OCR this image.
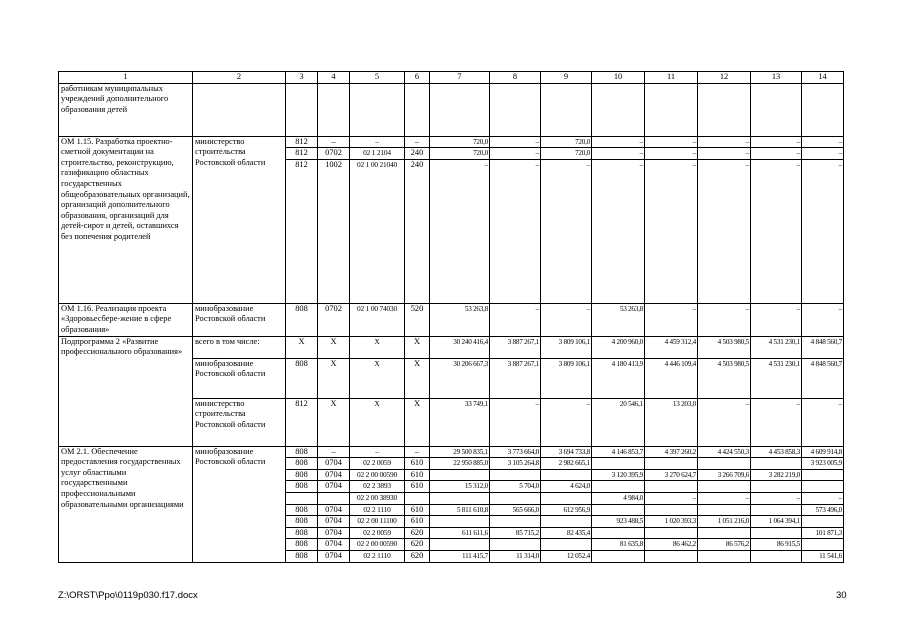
1	2	3	4	5	6	7	8	9	10	11	12	13	14
работникам муниципальных учреждений дополнительного образования детей													
ОМ 1.15. Разработка проектно-сметной документации на строительство, реконструкцию, газификацию областных государственных общеобразовательных организаций, организаций дополнительного образования, организаций для детей-сирот и детей, оставшихся без попечения родителей	министерство строительства Ростовской области	812	–	–	–	720,0	–	720,0	–	–	–	–	–
		812	0702	02 1 2104	240	720,0	–	720,0	–	–	–	–	–
		812	1002	02 1 00 21040	240	–	–	–	–	–	–	–	–
ОМ 1.16. Реализация проекта «Здоровьесбере-жение в сфере образования»	минобразование Ростовской области	808	0702	02 1 00 74030	520	53 263,8	–	–	53 263,8	–	–	–	–
Подпрограмма 2 «Развитие профессионального образования»	всего в том числе:	X	X	X	X	30 240 416,4	3 887 267,1	3 809 106,1	4 200 960,0	4 459 312,4	4 503 980,5	4 531 230,1	4 848 560,7
	минобразование Ростовской области	808	X	X	X	30 206 667,3	3 887 267,1	3 809 106,1	4 180 413,9	4 446 109,4	4 503 980,5	4 531 230,1	4 848 560,7
	министерство строительства Ростовской области	812	X	X	X	33 749,1	–	–	20 546,1	13 203,0	–	–	–
ОМ 2.1. Обеспечение предоставления государственных услуг областными государственными профессиональными образовательными организациями	минобразование Ростовской области	808	–	–	–	29 500 835,1	3 773 664,0	3 694 733,8	4 146 853,7	4 397 260,2	4 424 550,3	4 453 858,3	4 609 914,8
		808	0704	02 2 0059	610	22 950 885,0	3 105 264,8	2 982 665,1					3 923 005,9
		808	0704	02 2 00 00590	610				3 120 395,9	3 270 624,7	3 266 709,6	3 282 219,0	
		808	0704	02 2 3893	610	15 312,0	5 704,0	4 624,0					
				02 2 00 38930					4 984,0	–	–	–	–
		808	0704	02 2 1110	610	5 811 610,8	565 666,0	612 956,9					573 496,0
		808	0704	02 2 00 11100	610				923 488,5	1 020 393,3	1 051 216,0	1 064 394,1	
		808	0704	02 2 0059	620	611 611,6	85 715,2	82 435,4					101 871,3
		808	0704	02 2 00 00590	620				81 635,8	86 462,2	86 576,2	86 915,5	
		808	0704	02 2 1110	620	111 415,7	11 314,0	12 052,4					11 541,6
Z:\ORST\Ppo\0119p030.f17.docx	30
